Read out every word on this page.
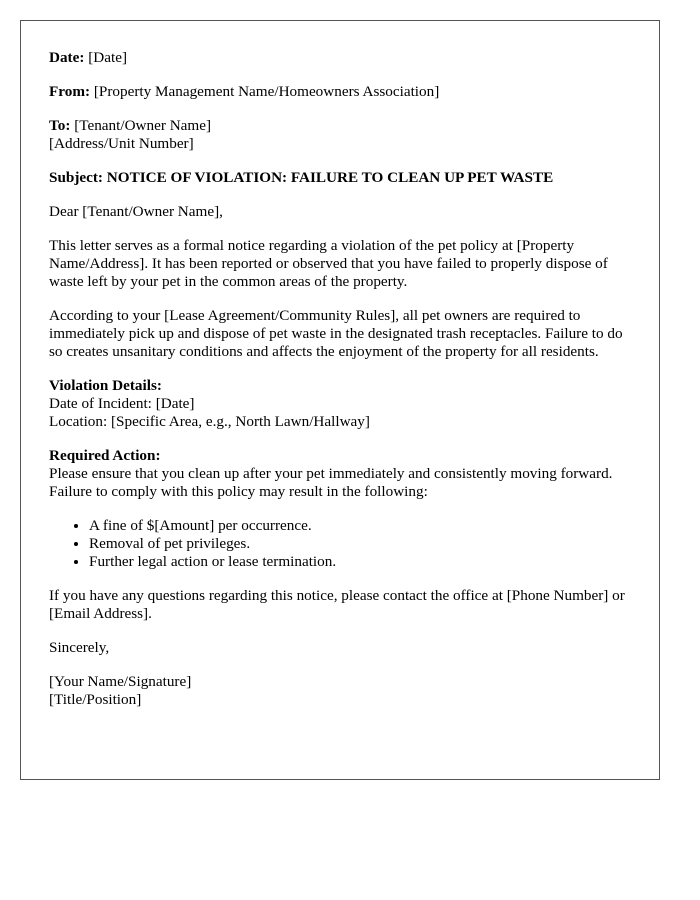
Date: [Date]

From: [Property Management Name/Homeowners Association]

To: [Tenant/Owner Name]
[Address/Unit Number]

Subject: NOTICE OF VIOLATION: FAILURE TO CLEAN UP PET WASTE

Dear [Tenant/Owner Name],

This letter serves as a formal notice regarding a violation of the pet policy at [Property Name/Address]. It has been reported or observed that you have failed to properly dispose of waste left by your pet in the common areas of the property.

According to your [Lease Agreement/Community Rules], all pet owners are required to immediately pick up and dispose of pet waste in the designated trash receptacles. Failure to do so creates unsanitary conditions and affects the enjoyment of the property for all residents.

Violation Details:
Date of Incident: [Date]
Location: [Specific Area, e.g., North Lawn/Hallway]

Required Action:
Please ensure that you clean up after your pet immediately and consistently moving forward. Failure to comply with this policy may result in the following:

• A fine of $[Amount] per occurrence.
• Removal of pet privileges.
• Further legal action or lease termination.

If you have any questions regarding this notice, please contact the office at [Phone Number] or [Email Address].

Sincerely,

[Your Name/Signature]
[Title/Position]
